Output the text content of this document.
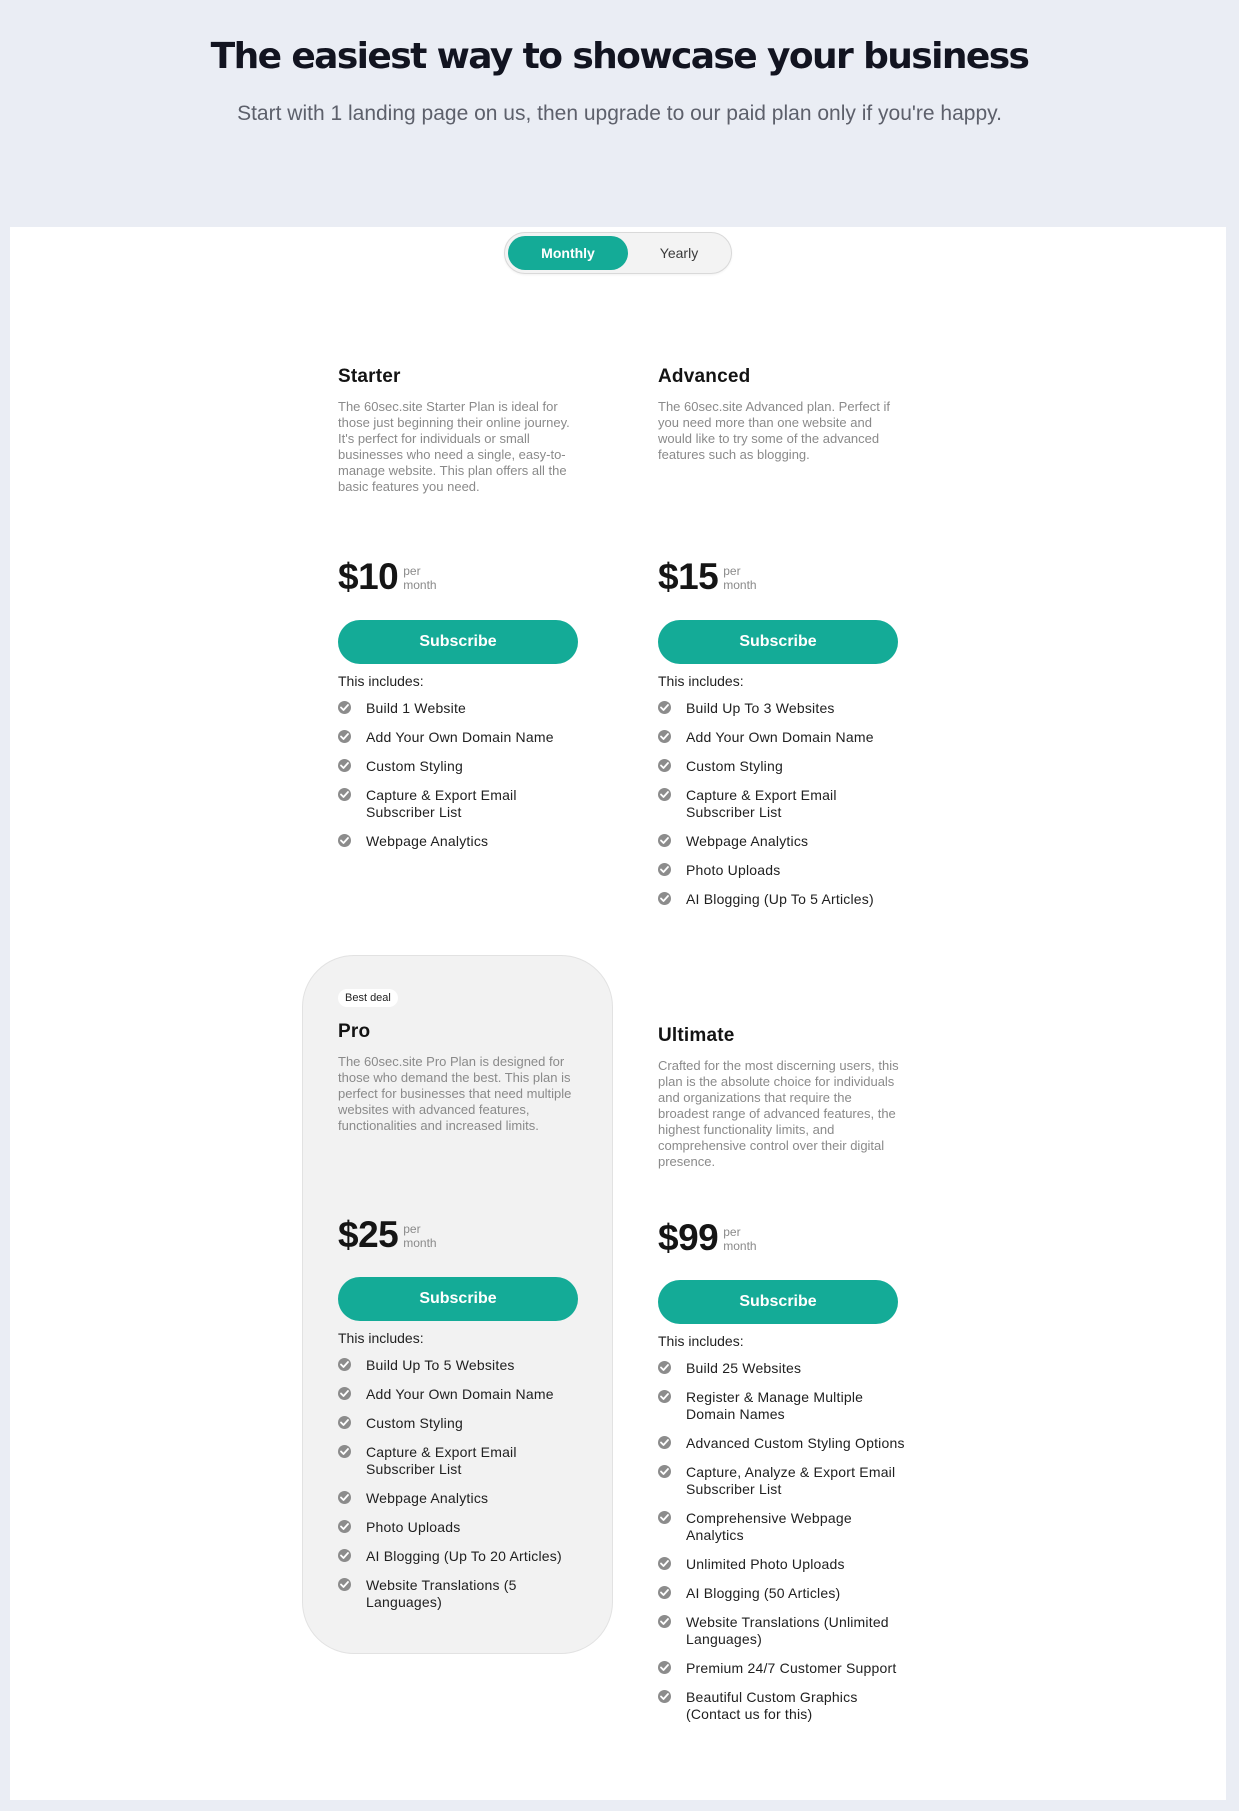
The easiest way to showcase your business

Start with 1 landing page on us, then upgrade to our paid plan only if you're happy.

Monthly	Yearly
Starter
The 60sec.site Starter Plan is ideal for those just beginning their online journey. It's perfect for individuals or small businesses who need a single, easy-to-manage website. This plan offers all the basic features you need.
$10 per
month
Subscribe
This includes:
Build 1 Website
Add Your Own Domain Name
Custom Styling
Capture & Export Email Subscriber List
Webpage Analytics
Advanced
The 60sec.site Advanced plan. Perfect if you need more than one website and would like to try some of the advanced features such as blogging.
$15 per
month
Subscribe
This includes:
Build Up To 3 Websites
Add Your Own Domain Name
Custom Styling
Capture & Export Email Subscriber List
Webpage Analytics
Photo Uploads
AI Blogging (Up To 5 Articles)
Best deal
Pro
The 60sec.site Pro Plan is designed for those who demand the best. This plan is perfect for businesses that need multiple websites with advanced features, functionalities and increased limits.
$25 per
month
Subscribe
This includes:
Build Up To 5 Websites
Add Your Own Domain Name
Custom Styling
Capture & Export Email Subscriber List
Webpage Analytics
Photo Uploads
AI Blogging (Up To 20 Articles)
Website Translations (5 Languages)
Ultimate
Crafted for the most discerning users, this plan is the absolute choice for individuals and organizations that require the broadest range of advanced features, the highest functionality limits, and comprehensive control over their digital presence.
$99 per
month
Subscribe
This includes:
Build 25 Websites
Register & Manage Multiple Domain Names
Advanced Custom Styling Options
Capture, Analyze & Export Email Subscriber List
Comprehensive Webpage Analytics
Unlimited Photo Uploads
AI Blogging (50 Articles)
Website Translations (Unlimited Languages)
Premium 24/7 Customer Support
Beautiful Custom Graphics (Contact us for this)
